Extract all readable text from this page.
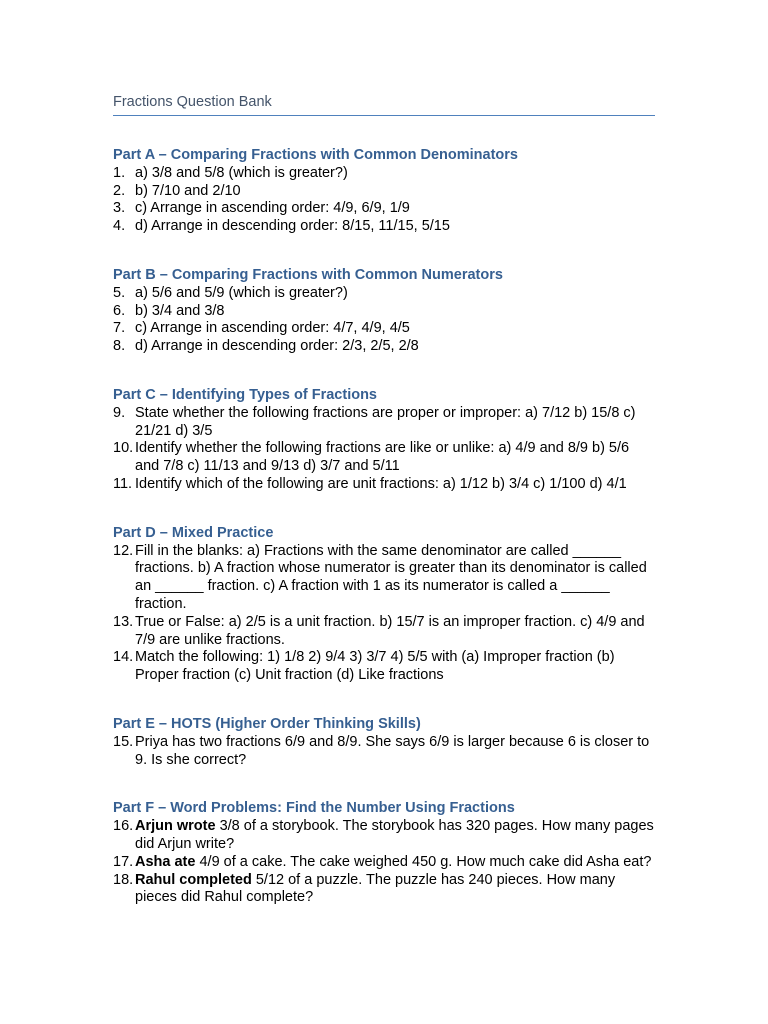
Fractions Question Bank
Part A – Comparing Fractions with Common Denominators
1. a) 3/8 and 5/8 (which is greater?)
2. b) 7/10 and 2/10
3. c) Arrange in ascending order: 4/9, 6/9, 1/9
4. d) Arrange in descending order: 8/15, 11/15, 5/15
Part B – Comparing Fractions with Common Numerators
5. a) 5/6 and 5/9 (which is greater?)
6. b) 3/4 and 3/8
7. c) Arrange in ascending order: 4/7, 4/9, 4/5
8. d) Arrange in descending order: 2/3, 2/5, 2/8
Part C – Identifying Types of Fractions
9. State whether the following fractions are proper or improper: a) 7/12 b) 15/8 c) 21/21 d) 3/5
10. Identify whether the following fractions are like or unlike: a) 4/9 and 8/9 b) 5/6 and 7/8 c) 11/13 and 9/13 d) 3/7 and 5/11
11. Identify which of the following are unit fractions: a) 1/12 b) 3/4 c) 1/100 d) 4/1
Part D – Mixed Practice
12. Fill in the blanks: a) Fractions with the same denominator are called ______ fractions. b) A fraction whose numerator is greater than its denominator is called an ______ fraction. c) A fraction with 1 as its numerator is called a ______ fraction.
13. True or False: a) 2/5 is a unit fraction. b) 15/7 is an improper fraction. c) 4/9 and 7/9 are unlike fractions.
14. Match the following: 1) 1/8 2) 9/4 3) 3/7 4) 5/5 with (a) Improper fraction (b) Proper fraction (c) Unit fraction (d) Like fractions
Part E – HOTS (Higher Order Thinking Skills)
15. Priya has two fractions 6/9 and 8/9. She says 6/9 is larger because 6 is closer to 9. Is she correct?
Part F – Word Problems: Find the Number Using Fractions
16. Arjun wrote 3/8 of a storybook. The storybook has 320 pages. How many pages did Arjun write?
17. Asha ate 4/9 of a cake. The cake weighed 450 g. How much cake did Asha eat?
18. Rahul completed 5/12 of a puzzle. The puzzle has 240 pieces. How many pieces did Rahul complete?
